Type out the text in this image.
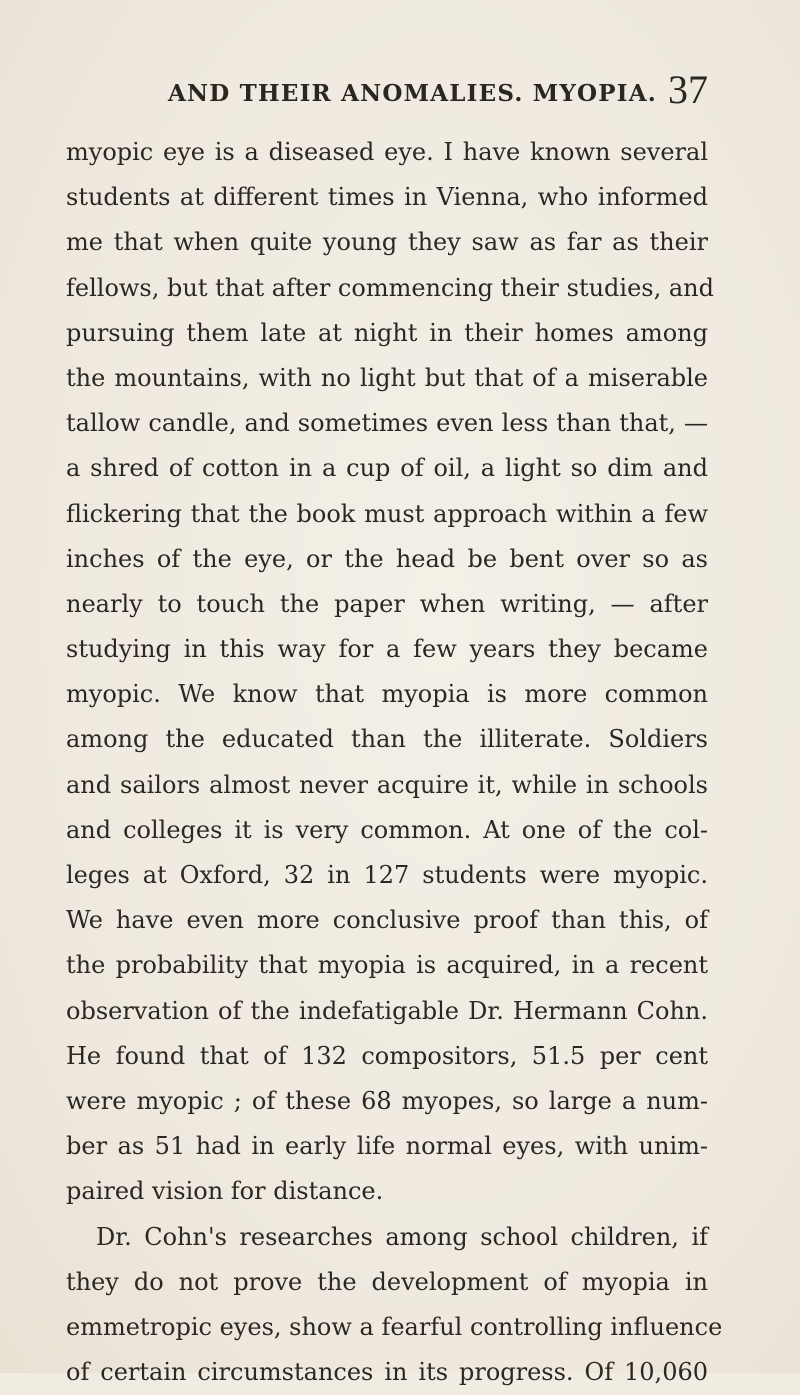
AND THEIR ANOMALIES. MYOPIA. 37
myopic eye is a diseased eye. I have known several
students at different times in Vienna, who informed
me that when quite young they saw as far as their
fellows, but that after commencing their studies, and
pursuing them late at night in their homes among
the mountains, with no light but that of a miserable
tallow candle, and sometimes even less than that, —
a shred of cotton in a cup of oil, a light so dim and
flickering that the book must approach within a few
inches of the eye, or the head be bent over so as
nearly to touch the paper when writing, — after
studying in this way for a few years they became
myopic. We know that myopia is more common
among the educated than the illiterate. Soldiers
and sailors almost never acquire it, while in schools
and colleges it is very common. At one of the col-
leges at Oxford, 32 in 127 students were myopic.
We have even more conclusive proof than this, of
the probability that myopia is acquired, in a recent
observation of the indefatigable Dr. Hermann Cohn.
He found that of 132 compositors, 51.5 per cent
were myopic ; of these 68 myopes, so large a num-
ber as 51 had in early life normal eyes, with unim-
paired vision for distance.
Dr. Cohn's researches among school children, if
they do not prove the development of myopia in
emmetropic eyes, show a fearful controlling influence
of certain circumstances in its progress. Of 10,060
